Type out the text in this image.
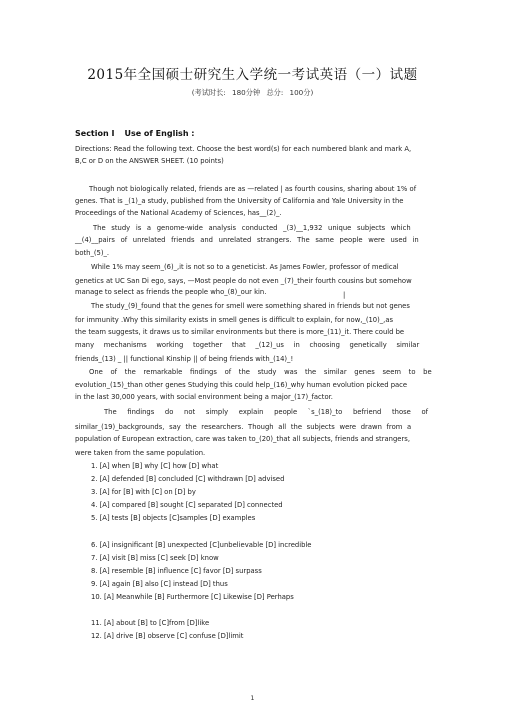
2015年全国硕士研究生入学统一考试英语（一）试题
(考试时长: 180分钟 总分: 100分)
Section I Use of English :
Directions: Read the following text. Choose the best word(s) for each numbered blank and mark A,
B,C or D on the ANSWER SHEET. (10 points)
Though not biologically related, friends are as —related | as fourth cousins, sharing about 1% of
genes. That is _(1)_a study, published from the University of California and Yale University in the
Proceedings of the National Academy of Sciences, has__(2)_.
The study is a genome-wide analysis conducted _(3)__1,932 unique subjects which
__(4)__pairs of unrelated friends and unrelated strangers. The same people were used in
both_(5)_.
While 1% may seem_(6)_,it is not so to a geneticist. As James Fowler, professor of medical
genetics at UC San Di ego, says, —Most people do not even _(7)_their fourth cousins but somehow
manage to select as friends the people who_(8)_our kin.	|
The study_(9)_found that the genes for smell were something shared in friends but not genes
for immunity .Why this similarity exists in smell genes is difficult to explain, for now,_(10)_,as
the team suggests, it draws us to similar environments but there is more_(11)_it. There could be
many mechanisms working together that _(12)_us in choosing genetically similar
friends_(13) _ || functional Kinship || of being friends with_(14)_!
One of the remarkable findings of the study was the similar genes seem to be
evolution_(15)_than other genes Studying this could help_(16)_why human evolution picked pace
in the last 30,000 years, with social environment being a major_(17)_factor.
The findings do not simply explain people `s_(18)_to befriend those of
similar_(19)_backgrounds, say the researchers. Though all the subjects were drawn from a
population of European extraction, care was taken to_(20)_that all subjects, friends and strangers,
were taken from the same population.
1. [A] when [B] why [C] how [D] what
2. [A] defended [B] concluded [C] withdrawn [D] advised
3. [A] for [B] with [C] on [D] by
4. [A] compared [B] sought [C] separated [D] connected
5. [A] tests [B] objects [C]samples [D] examples
6. [A] insignificant [B] unexpected [C]unbelievable [D] incredible
7. [A] visit [B] miss [C] seek [D] know
8. [A] resemble [B] influence [C] favor [D] surpass
9. [A] again [B] also [C] instead [D] thus
10. [A] Meanwhile [B] Furthermore [C] Likewise [D] Perhaps
11. [A] about [B] to [C]from [D]like
12. [A] drive [B] observe [C] confuse [D]limit
1
